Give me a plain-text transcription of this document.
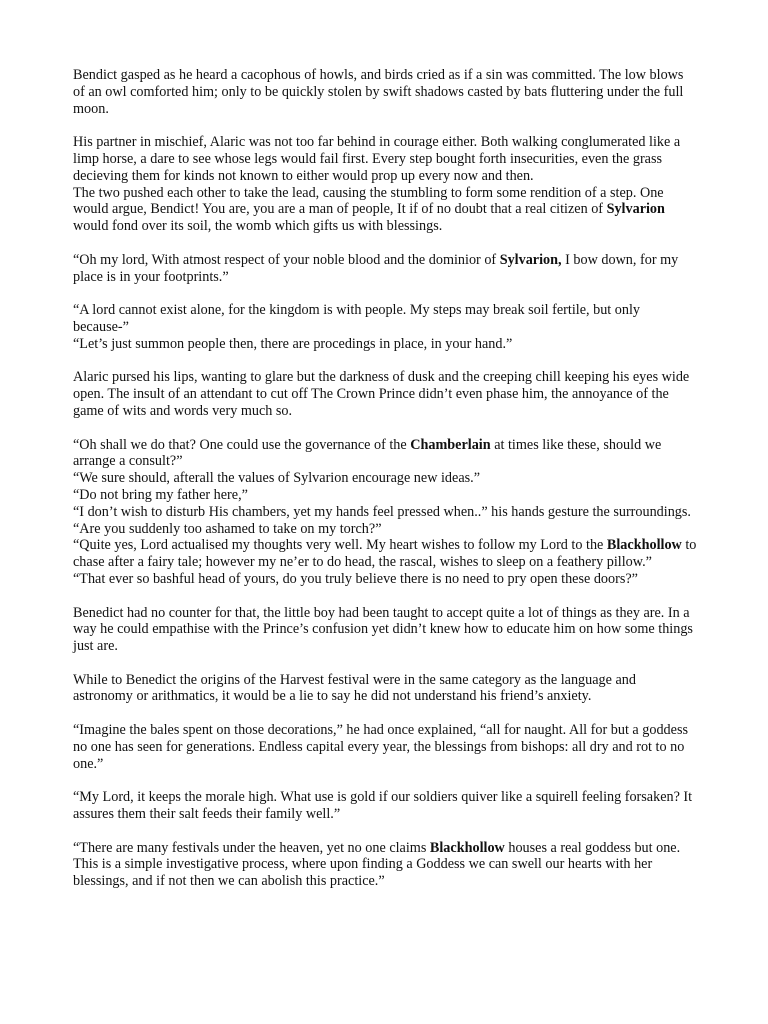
Bendict gasped as he heard a cacophous of howls, and birds cried as if a sin was committed. The low blows of an owl comforted him; only to be quickly stolen by swift shadows casted by bats fluttering under the full moon.
His partner in mischief, Alaric was not too far behind in courage either. Both walking conglumerated like a limp horse, a dare to see whose legs would fail first. Every step bought forth insecurities, even the grass decieving them for kinds not known to either would prop up every now and then.
The two pushed each other to take the lead, causing the stumbling to form some rendition of a step. One would argue, Bendict! You are, you are a man of people, It if of no doubt that a real citizen of Sylvarion would fond over its soil, the womb which gifts us with blessings.
“Oh my lord, With atmost respect of your noble blood and the dominior of Sylvarion, I bow down, for my place is in your footprints.”
“A lord cannot exist alone, for the kingdom is with people. My steps may break soil fertile, but only because-”
“Let’s just summon people then, there are procedings in place, in your hand.”
Alaric pursed his lips, wanting to glare but the darkness of dusk and the creeping chill keeping his eyes wide open. The insult of an attendant to cut off The Crown Prince didn’t even phase him, the annoyance of the game of wits and words very much so.
“Oh shall we do that? One could use the governance of the Chamberlain at times like these, should we arrange a consult?”
“We sure should, afterall the values of Sylvarion encourage new ideas.”
“Do not bring my father here,”
“I don’t wish to disturb His chambers, yet my hands feel pressed when..” his hands gesture the surroundings.
“Are you suddenly too ashamed to take on my torch?”
“Quite yes, Lord actualised my thoughts very well. My heart wishes to follow my Lord to the Blackhollow to chase after a fairy tale; however my ne’er to do head, the rascal, wishes to sleep on a feathery pillow.”
“That ever so bashful head of yours, do you truly believe there is no need to pry open these doors?”
Benedict had no counter for that, the little boy had been taught to accept quite a lot of things as they are. In a way he could empathise with the Prince’s confusion yet didn’t knew how to educate him on how some things just are.
While to Benedict the origins of the Harvest festival were in the same category as the language and astronomy or arithmatics, it would be a lie to say he did not understand his friend’s anxiety.
“Imagine the bales spent on those decorations,” he had once explained, “all for naught. All for but a goddess no one has seen for generations. Endless capital every year, the blessings from bishops: all dry and rot to no one.”
“My Lord, it keeps the morale high. What use is gold if our soldiers quiver like a squirell feeling forsaken? It assures them their salt feeds their family well.”
“There are many festivals under the heaven, yet no one claims Blackhollow houses a real goddess but one. This is a simple investigative process, where upon finding a Goddess we can swell our hearts with her blessings, and if not then we can abolish this practice.”
